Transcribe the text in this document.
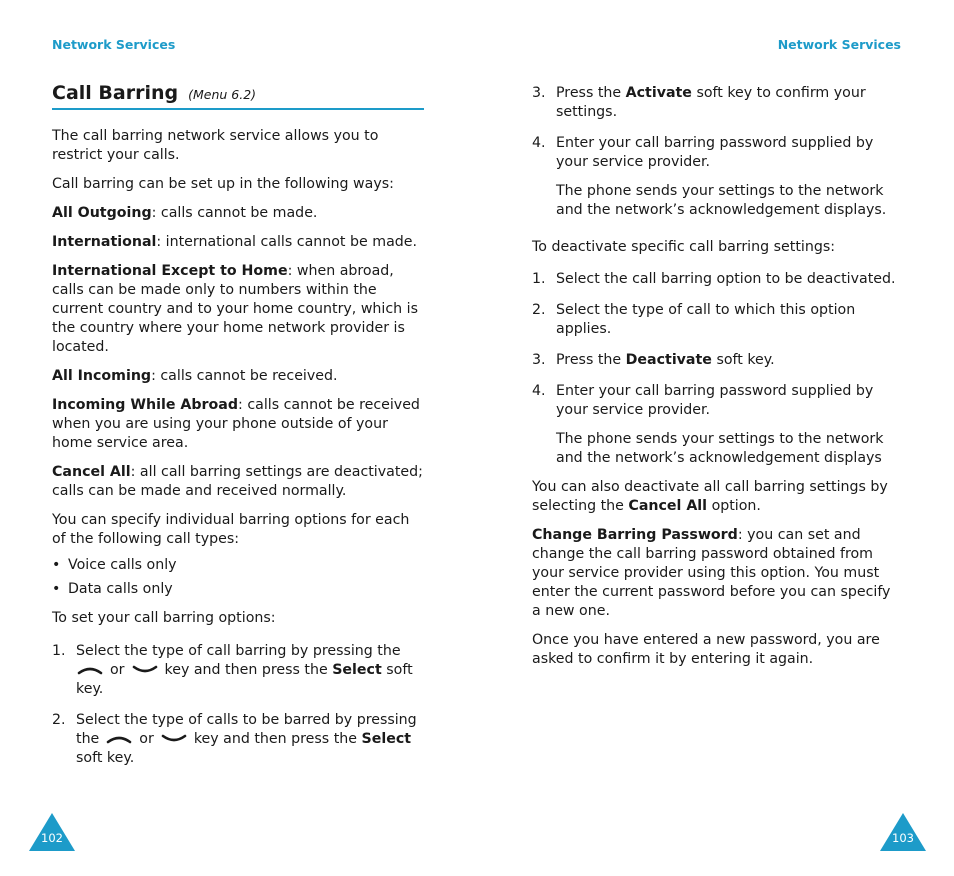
Network Services	Network Services
Call Barring (Menu 6.2)

The call barring network service allows you to restrict your calls.

Call barring can be set up in the following ways:

All Outgoing: calls cannot be made.

International: international calls cannot be made.

International Except to Home: when abroad, calls can be made only to numbers within the current country and to your home country, which is the country where your home network provider is located.

All Incoming: calls cannot be received.

Incoming While Abroad: calls cannot be received when you are using your phone outside of your home service area.

Cancel All: all call barring settings are deactivated; calls can be made and received normally.

You can specify individual barring options for each of the following call types:

• Voice calls only
• Data calls only

To set your call barring options:

1. Select the type of call barring by pressing the
or	key and then press the Select soft key.
2. Select the type of calls to be barred by pressing the	or	key and then press the Select soft key.
3. Press the Activate soft key to confirm your settings.
4. Enter your call barring password supplied by your service provider.

The phone sends your settings to the network and the network’s acknowledgement displays.

To deactivate specific call barring settings:

1. Select the call barring option to be deactivated.
2. Select the type of call to which this option applies.
3. Press the Deactivate soft key.
4. Enter your call barring password supplied by your service provider.

The phone sends your settings to the network and the network’s acknowledgement displays

You can also deactivate all call barring settings by selecting the Cancel All option.

Change Barring Password: you can set and change the call barring password obtained from your service provider using this option. You must enter the current password before you can specify a new one.

Once you have entered a new password, you are asked to confirm it by entering it again.

102	103
